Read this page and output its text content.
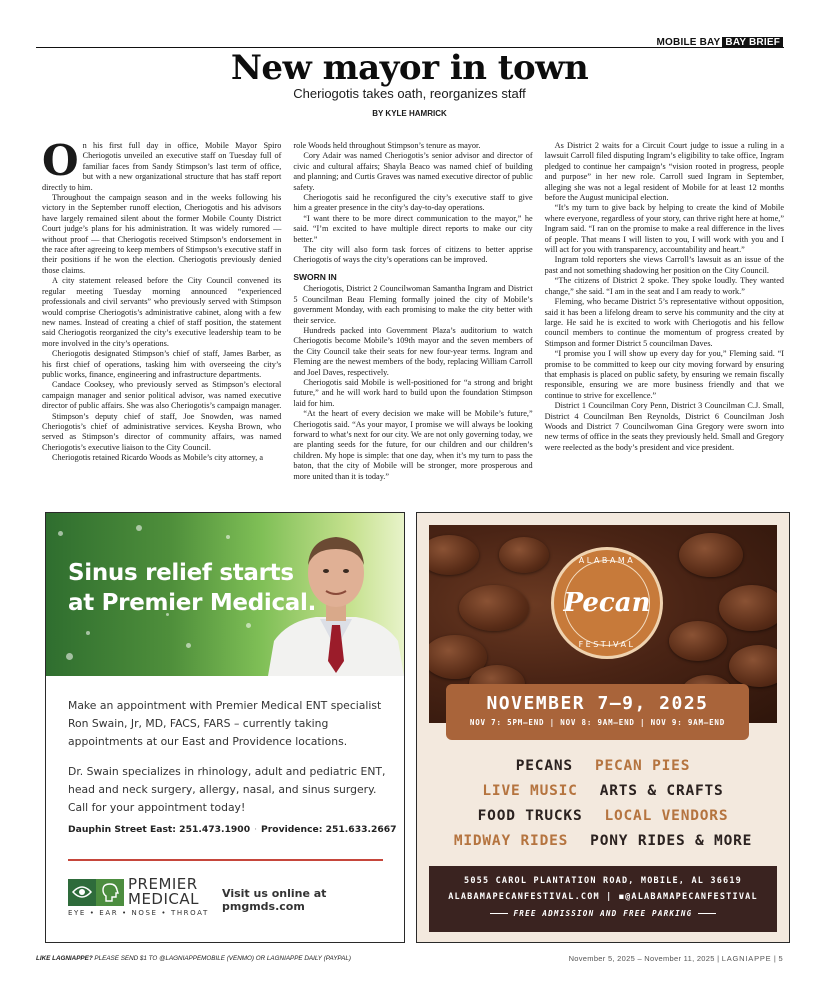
MOBILE BAY BAY BRIEF
New mayor in town
Cheriogotis takes oath, reorganizes staff
BY KYLE HAMRICK
O n his first full day in office, Mobile Mayor Spiro Cheriogotis unveiled an executive staff on Tuesday full of familiar faces from Sandy Stimpson’s last term of office, but with a new organizational structure that has staff report directly to him.

Throughout the campaign season and in the weeks following his victory in the September runoff election, Cheriogotis and his advisors have largely remained silent about the former Mobile County District Court judge’s plans for his administration. It was widely rumored — without proof — that Cheriogotis received Stimpson’s endorsement in the race after agreeing to keep members of Stimpson’s executive staff in their positions if he won the election. Cheriogotis previously denied those claims.

A city statement released before the City Council convened its regular meeting Tuesday morning announced “experienced professionals and civil servants” who previously served with Stimpson would comprise Cheriogotis’s administrative cabinet, along with a few new names. Instead of creating a chief of staff position, the statement said Cheriogotis reorganized the city’s executive leadership team to be more involved in the city’s operations.

Cheriogotis designated Stimpson’s chief of staff, James Barber, as his first chief of operations, tasking him with overseeing the city’s public works, finance, engineering and infrastructure departments.

Candace Cooksey, who previously served as Stimpson’s electoral campaign manager and senior political advisor, was named executive director of public affairs. She was also Cheriogotis’s campaign manager.

Stimpson’s deputy chief of staff, Joe Snowden, was named Cheriogotis’s chief of administrative services. Keysha Brown, who served as Stimpson’s director of community affairs, was named Cheriogotis’s executive liaison to the City Council.

Cheriogotis retained Ricardo Woods as Mobile’s city attorney, a

role Woods held throughout Stimpson’s tenure as mayor.

Cory Adair was named Cheriogotis’s senior advisor and director of civic and cultural affairs; Shayla Beaco was named chief of building and planning; and Curtis Graves was named executive director of public safety.

Cheriogotis said he reconfigured the city’s executive staff to give him a greater presence in the city’s day-to-day operations.

“I want there to be more direct communication to the mayor,” he said. “I’m excited to have multiple direct reports to make our city better.”

The city will also form task forces of citizens to better apprise Cheriogotis of ways the city’s operations can be improved.

SWORN IN

Cheriogotis, District 2 Councilwoman Samantha Ingram and District 5 Councilman Beau Fleming formally joined the city of Mobile’s government Monday, with each promising to make the city better with their service.

Hundreds packed into Government Plaza’s auditorium to watch Cheriogotis become Mobile’s 109th mayor and the seven members of the City Council take their seats for new four-year terms. Ingram and Fleming are the newest members of the body, replacing William Carroll and Joel Daves, respectively.

Cheriogotis said Mobile is well-positioned for “a strong and bright future,” and he will work hard to build upon the foundation Stimpson laid for him.

“At the heart of every decision we make will be Mobile’s future,” Cheriogotis said. “As your mayor, I promise we will always be looking forward to what’s next for our city. We are not only governing today, we are planting seeds for the future, for our children and our children’s children. My hope is simple: that one day, when it’s my turn to pass the baton, that the city of Mobile will be stronger, more prosperous and more united than it is today.”

As District 2 waits for a Circuit Court judge to issue a ruling in a lawsuit Carroll filed disputing Ingram’s eligibility to take office, Ingram pledged to continue her campaign’s “vision rooted in progress, people and purpose” in her new role. Carroll sued Ingram in September, alleging she was not a legal resident of Mobile for at least 12 months before the August municipal election.

“It’s my turn to give back by helping to create the kind of Mobile where everyone, regardless of your story, can thrive right here at home,” Ingram said. “I ran on the promise to make a real difference in the lives of people. That means I will listen to you, I will work with you and I will act for you with transparency, accountability and heart.”

Ingram told reporters she views Carroll’s lawsuit as an issue of the past and not something shadowing her position on the City Council.

“The citizens of District 2 spoke. They spoke loudly. They wanted change,” she said. “I am in the seat and I am ready to work.”

Fleming, who became District 5’s representative without opposition, said it has been a lifelong dream to serve his community and the city at large. He said he is excited to work with Cheriogotis and his fellow council members to continue the momentum of progress created by Stimpson and former District 5 councilman Daves.

“I promise you I will show up every day for you,” Fleming said. “I promise to be committed to keep our city moving forward by ensuring that emphasis is placed on public safety, by ensuring we remain fiscally responsible, ensuring we are more business friendly and that we continue to strive for excellence.”

District 1 Councilman Cory Penn, District 3 Councilman C.J. Small, District 4 Councilman Ben Reynolds, District 6 Councilman Josh Woods and District 7 Councilwoman Gina Gregory were sworn into new terms of office in the seats they previously held. Small and Gregory were reelected as the body’s president and vice president.

Sinus relief starts
at Premier Medical.

Make an appointment with Premier Medical ENT specialist Ron Swain, Jr, MD, FACS, FARS – currently taking appointments at our East and Providence locations.

Dr. Swain specializes in rhinology, adult and pediatric ENT, head and neck surgery, allergy, nasal, and sinus surgery. Call for your appointment today!

Dauphin Street East: 251.473.1900 · Providence: 251.633.2667
PREMIER
MEDICAL
EYE • EAR • NOSE • THROAT
Visit us online at pmgmds.com
ALABAMA
Pecan
FESTIVAL
NOVEMBER 7–9, 2025
NOV 7: 5PM–END | NOV 8: 9AM–END | NOV 9: 9AM–END
PECANS PECAN PIES
LIVE MUSIC ARTS & CRAFTS
FOOD TRUCKS LOCAL VENDORS
MIDWAY RIDES PONY RIDES & MORE
5055 CAROL PLANTATION ROAD, MOBILE, AL 36619
ALABAMAPECANFESTIVAL.COM | ◼@ALABAMAPECANFESTIVAL
FREE ADMISSION AND FREE PARKING
LIKE LAGNIAPPE? PLEASE SEND $1 TO @LAGNIAPPEMOBILE (VENMO) OR LAGNIAPPE DAILY (PAYPAL)	November 5, 2025 – November 11, 2025 | LAGNIAPPE | 5
